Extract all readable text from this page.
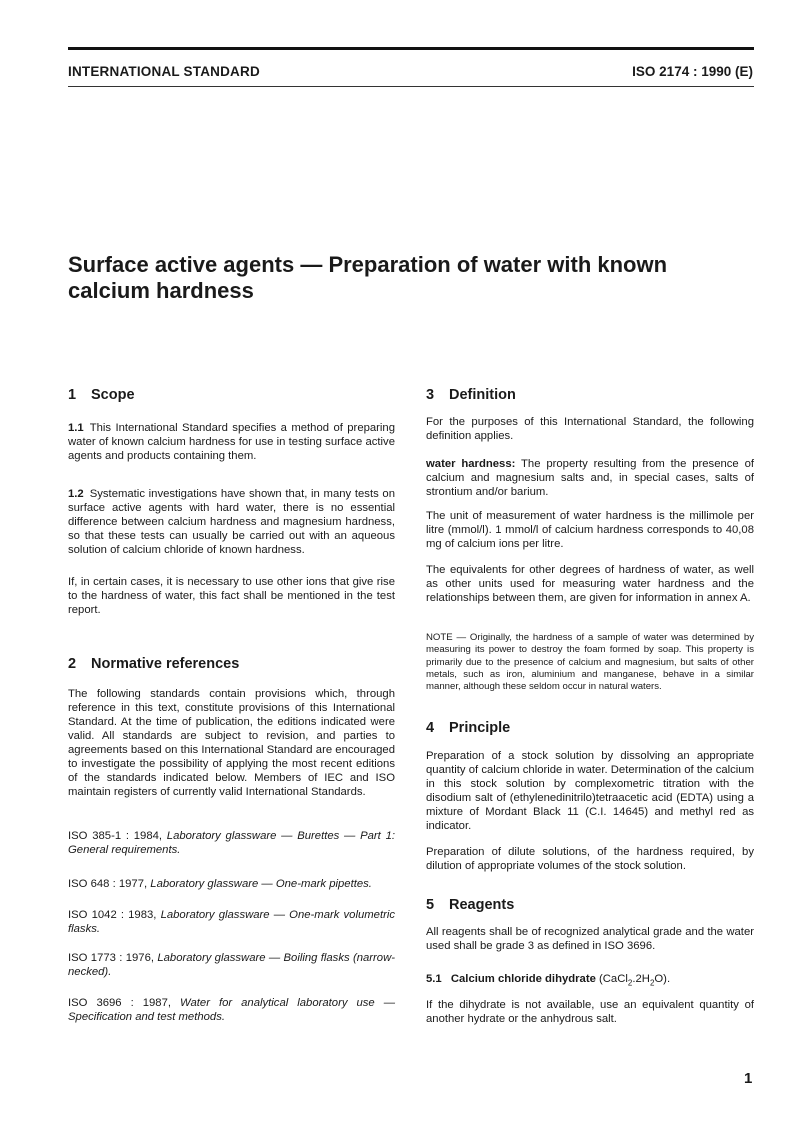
INTERNATIONAL STANDARD	ISO 2174 : 1990 (E)
Surface active agents — Preparation of water with known
calcium hardness
1 Scope

1.1 This International Standard specifies a method of preparing water of known calcium hardness for use in testing surface active agents and products containing them.

1.2 Systematic investigations have shown that, in many tests on surface active agents with hard water, there is no essential difference between calcium hardness and magnesium hardness, so that these tests can usually be carried out with an aqueous solution of calcium chloride of known hardness.

If, in certain cases, it is necessary to use other ions that give rise to the hardness of water, this fact shall be mentioned in the test report.

2 Normative references

The following standards contain provisions which, through reference in this text, constitute provisions of this International Standard. At the time of publication, the editions indicated were valid. All standards are subject to revision, and parties to agreements based on this International Standard are encouraged to investigate the possibility of applying the most recent editions of the standards indicated below. Members of IEC and ISO maintain registers of currently valid International Standards.

ISO 385-1 : 1984, Laboratory glassware — Burettes — Part 1: General requirements.

ISO 648 : 1977, Laboratory glassware — One-mark pipettes.

ISO 1042 : 1983, Laboratory glassware — One-mark volumetric flasks.

ISO 1773 : 1976, Laboratory glassware — Boiling flasks (narrow-necked).

ISO 3696 : 1987, Water for analytical laboratory use — Specification and test methods.

3 Definition

For the purposes of this International Standard, the following definition applies.

water hardness: The property resulting from the presence of calcium and magnesium salts and, in special cases, salts of strontium and/or barium.

The unit of measurement of water hardness is the millimole per litre (mmol/l). 1 mmol/l of calcium hardness corresponds to 40,08 mg of calcium ions per litre.

The equivalents for other degrees of hardness of water, as well as other units used for measuring water hardness and the relationships between them, are given for information in annex A.

NOTE — Originally, the hardness of a sample of water was determined by measuring its power to destroy the foam formed by soap. This property is primarily due to the presence of calcium and magnesium, but salts of other metals, such as iron, aluminium and manganese, behave in a similar manner, although these seldom occur in natural waters.

4 Principle

Preparation of a stock solution by dissolving an appropriate quantity of calcium chloride in water. Determination of the calcium in this stock solution by complexometric titration with the disodium salt of (ethylenedinitrilo)tetraacetic acid (EDTA) using a mixture of Mordant Black 11 (C.I. 14645) and methyl red as indicator.

Preparation of dilute solutions, of the hardness required, by dilution of appropriate volumes of the stock solution.

5 Reagents

All reagents shall be of recognized analytical grade and the water used shall be grade 3 as defined in ISO 3696.

5.1 Calcium chloride dihydrate $(CaCl_2.2H_2O)$.

If the dihydrate is not available, use an equivalent quantity of another hydrate or the anhydrous salt.

1
